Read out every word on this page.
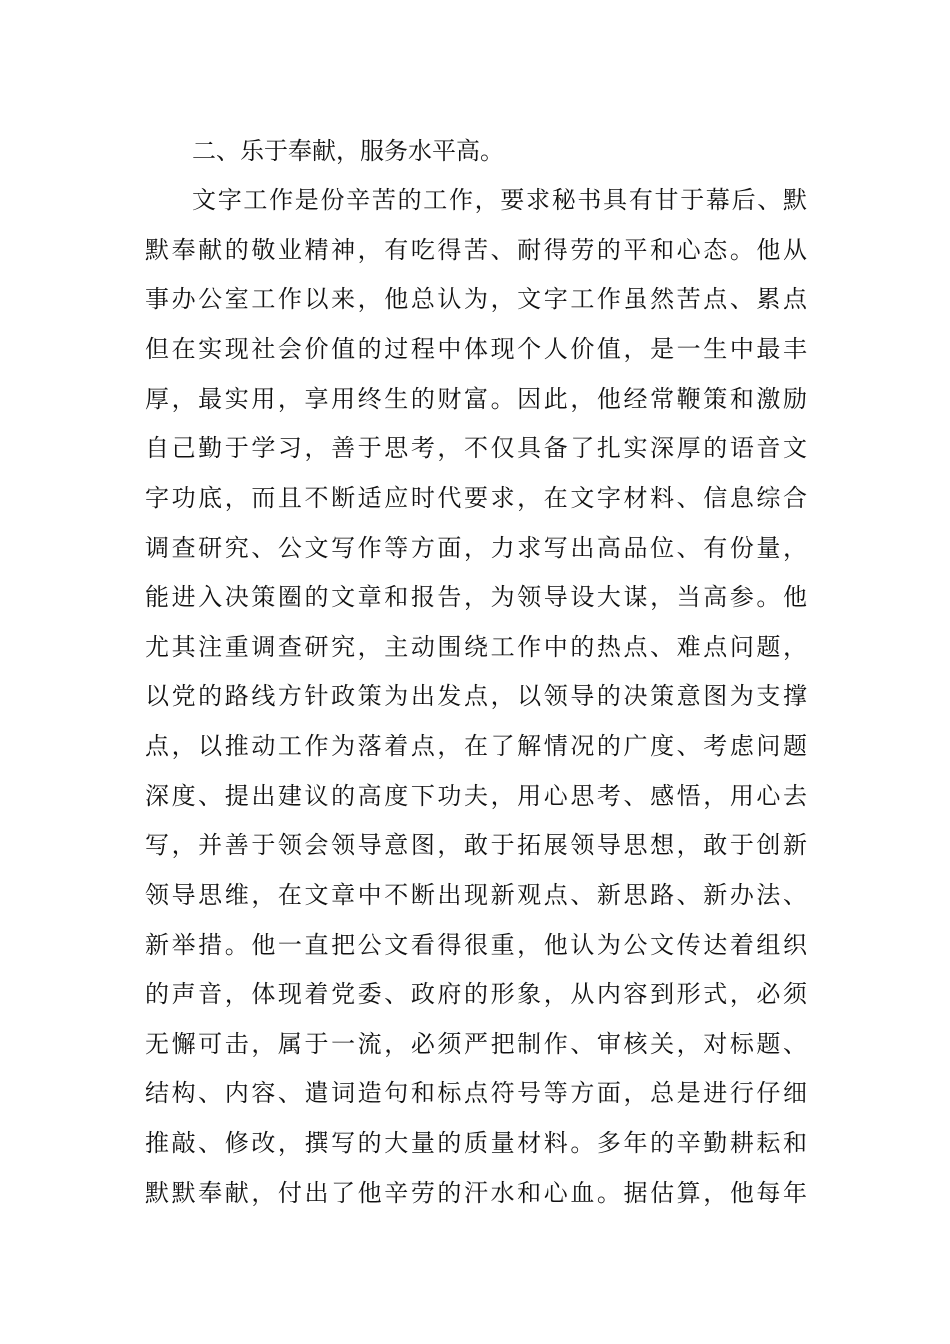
二、乐于奉献，服务水平高。
文字工作是份辛苦的工作，要求秘书具有甘于幕后、默
默奉献的敬业精神，有吃得苦、耐得劳的平和心态。他从
事办公室工作以来，他总认为，文字工作虽然苦点、累点
但在实现社会价值的过程中体现个人价值，是一生中最丰
厚，最实用，享用终生的财富。因此，他经常鞭策和激励
自己勤于学习，善于思考，不仅具备了扎实深厚的语音文
字功底，而且不断适应时代要求，在文字材料、信息综合
调查研究、公文写作等方面，力求写出高品位、有份量，
能进入决策圈的文章和报告，为领导设大谋，当高参。他
尤其注重调查研究，主动围绕工作中的热点、难点问题，
以党的路线方针政策为出发点，以领导的决策意图为支撑
点，以推动工作为落着点，在了解情况的广度、考虑问题
深度、提出建议的高度下功夫，用心思考、感悟，用心去
写，并善于领会领导意图，敢于拓展领导思想，敢于创新
领导思维，在文章中不断出现新观点、新思路、新办法、
新举措。他一直把公文看得很重，他认为公文传达着组织
的声音，体现着党委、政府的形象，从内容到形式，必须
无懈可击，属于一流，必须严把制作、审核关，对标题、
结构、内容、遣词造句和标点符号等方面，总是进行仔细
推敲、修改，撰写的大量的质量材料。多年的辛勤耕耘和
默默奉献，付出了他辛劳的汗水和心血。据估算，他每年
